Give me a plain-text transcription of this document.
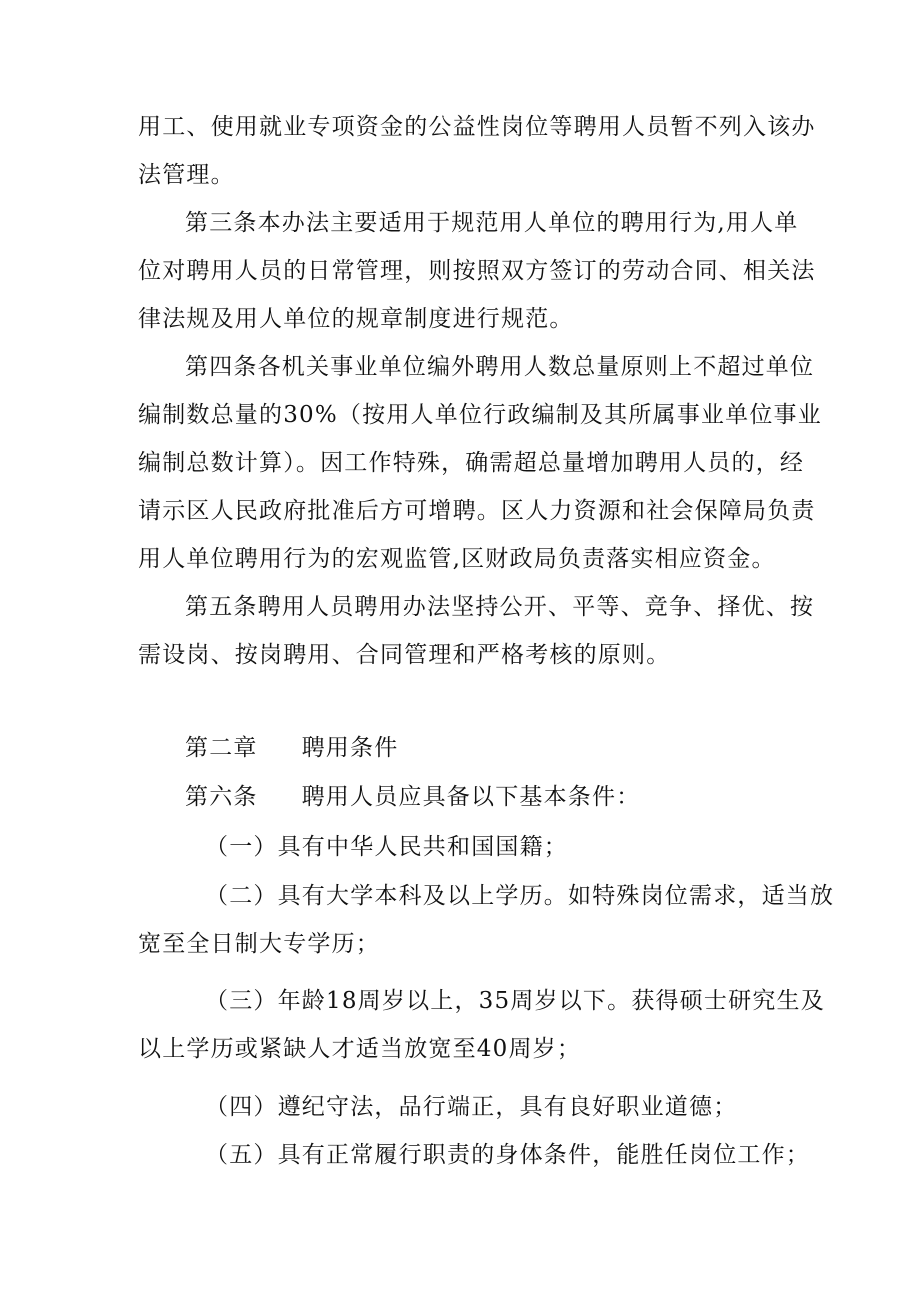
用工、使用就业专项资金的公益性岗位等聘用人员暂不列入该办
法管理。
第三条本办法主要适用于规范用人单位的聘用行为,用人单
位对聘用人员的日常管理，则按照双方签订的劳动合同、相关法
律法规及用人单位的规章制度进行规范。
第四条各机关事业单位编外聘用人数总量原则上不超过单位
编制数总量的30%（按用人单位行政编制及其所属事业单位事业
编制总数计算）。因工作特殊，确需超总量增加聘用人员的，经
请示区人民政府批准后方可增聘。区人力资源和社会保障局负责
用人单位聘用行为的宏观监管,区财政局负责落实相应资金。
第五条聘用人员聘用办法坚持公开、平等、竞争、择优、按
需设岗、按岗聘用、合同管理和严格考核的原则。
第二章 聘用条件
第六条 聘用人员应具备以下基本条件：
（一）具有中华人民共和国国籍；
（二）具有大学本科及以上学历。如特殊岗位需求，适当放
宽至全日制大专学历；
（三）年龄18周岁以上，35周岁以下。获得硕士研究生及
以上学历或紧缺人才适当放宽至40周岁；
（四）遵纪守法，品行端正，具有良好职业道德；
（五）具有正常履行职责的身体条件，能胜任岗位工作；
